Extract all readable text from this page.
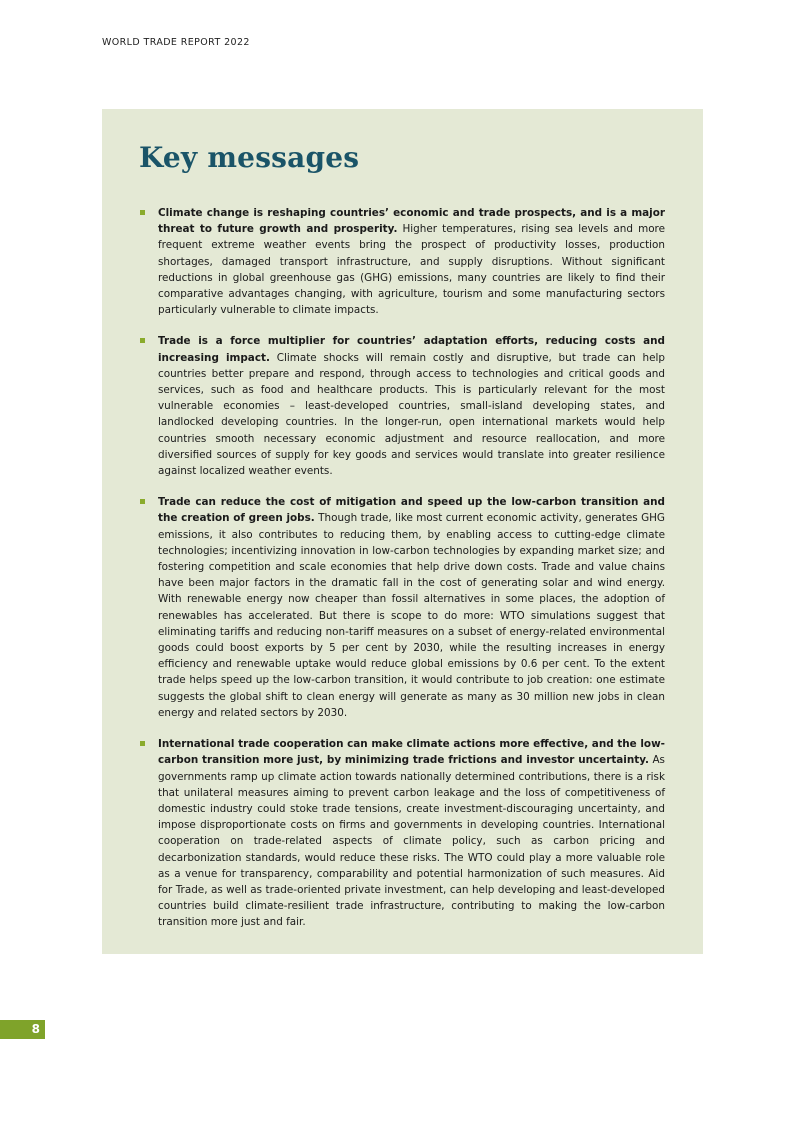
WORLD TRADE REPORT 2022
Key messages
Climate change is reshaping countries’ economic and trade prospects, and is a major threat to future growth and prosperity. Higher temperatures, rising sea levels and more frequent extreme weather events bring the prospect of productivity losses, production shortages, damaged transport infrastructure, and supply disruptions. Without significant reductions in global greenhouse gas (GHG) emissions, many countries are likely to find their comparative advantages changing, with agriculture, tourism and some manufacturing sectors particularly vulnerable to climate impacts.
Trade is a force multiplier for countries’ adaptation efforts, reducing costs and increasing impact. Climate shocks will remain costly and disruptive, but trade can help countries better prepare and respond, through access to technologies and critical goods and services, such as food and healthcare products. This is particularly relevant for the most vulnerable economies – least-developed countries, small-island developing states, and landlocked developing countries. In the longer-run, open international markets would help countries smooth necessary economic adjustment and resource reallocation, and more diversified sources of supply for key goods and services would translate into greater resilience against localized weather events.
Trade can reduce the cost of mitigation and speed up the low-carbon transition and the creation of green jobs. Though trade, like most current economic activity, generates GHG emissions, it also contributes to reducing them, by enabling access to cutting-edge climate technologies; incentivizing innovation in low-carbon technologies by expanding market size; and fostering competition and scale economies that help drive down costs. Trade and value chains have been major factors in the dramatic fall in the cost of generating solar and wind energy. With renewable energy now cheaper than fossil alternatives in some places, the adoption of renewables has accelerated. But there is scope to do more: WTO simulations suggest that eliminating tariffs and reducing non-tariff measures on a subset of energy-related environmental goods could boost exports by 5 per cent by 2030, while the resulting increases in energy efficiency and renewable uptake would reduce global emissions by 0.6 per cent. To the extent trade helps speed up the low-carbon transition, it would contribute to job creation: one estimate suggests the global shift to clean energy will generate as many as 30 million new jobs in clean energy and related sectors by 2030.
International trade cooperation can make climate actions more effective, and the low-carbon transition more just, by minimizing trade frictions and investor uncertainty. As governments ramp up climate action towards nationally determined contributions, there is a risk that unilateral measures aiming to prevent carbon leakage and the loss of competitiveness of domestic industry could stoke trade tensions, create investment-discouraging uncertainty, and impose disproportionate costs on firms and governments in developing countries. International cooperation on trade-related aspects of climate policy, such as carbon pricing and decarbonization standards, would reduce these risks. The WTO could play a more valuable role as a venue for transparency, comparability and potential harmonization of such measures. Aid for Trade, as well as trade-oriented private investment, can help developing and least-developed countries build climate-resilient trade infrastructure, contributing to making the low-carbon transition more just and fair.
8
